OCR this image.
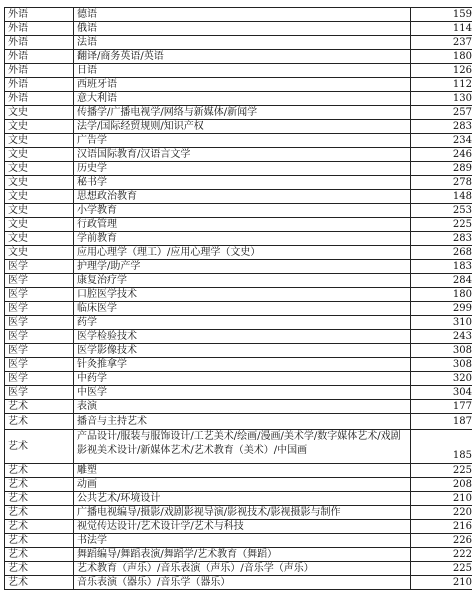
外语	德语	159
外语	俄语	114
外语	法语	237
外语	翻译/商务英语/英语	180
外语	日语	126
外语	西班牙语	112
外语	意大利语	130
文史	传播学/广播电视学/网络与新媒体/新闻学	257
文史	法学/国际经贸规则/知识产权	283
文史	广告学	234
文史	汉语国际教育/汉语言文学	246
文史	历史学	289
文史	秘书学	278
文史	思想政治教育	148
文史	小学教育	253
文史	行政管理	225
文史	学前教育	283
文史	应用心理学（理工）/应用心理学（文史）	268
医学	护理学/助产学	183
医学	康复治疗学	284
医学	口腔医学技术	180
医学	临床医学	299
医学	药学	310
医学	医学检验技术	243
医学	医学影像技术	308
医学	针灸推拿学	308
医学	中药学	320
医学	中医学	304
艺术	表演	177
艺术	播音与主持艺术	187
艺术	产品设计/服装与服饰设计/工艺美术/绘画/漫画/美术学/数字媒体艺术/戏剧影视美术设计/新媒体艺术/艺术教育（美术）/中国画	185
艺术	雕塑	225
艺术	动画	208
艺术	公共艺术/环境设计	210
艺术	广播电视编导/摄影/戏剧影视导演/影视技术/影视摄影与制作	220
艺术	视觉传达设计/艺术设计学/艺术与科技	216
艺术	书法学	226
艺术	舞蹈编导/舞蹈表演/舞蹈学/艺术教育（舞蹈）	222
艺术	艺术教育（声乐）/音乐表演（声乐）/音乐学（声乐）	225
艺术	音乐表演（器乐）/音乐学（器乐）	210
